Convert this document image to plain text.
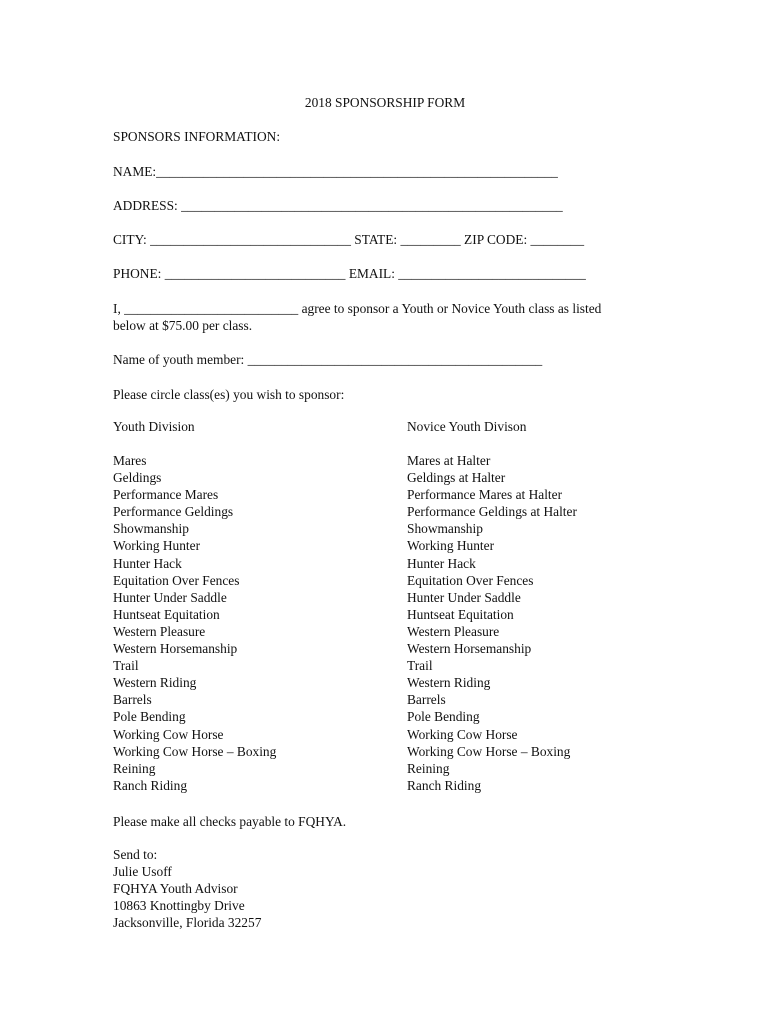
2018 SPONSORSHIP FORM
SPONSORS INFORMATION:
NAME:____________________________________________________________
ADDRESS: _________________________________________________________
CITY: ______________________________ STATE: _________ ZIP CODE: ________
PHONE: ___________________________ EMAIL: ____________________________
I, __________________________ agree to sponsor a Youth or Novice Youth class as listed
below at $75.00 per class.
Name of youth member: ____________________________________________
Please circle class(es) you wish to sponsor:
Youth Division	Novice Youth Divison
Mares
Geldings
Performance Mares
Performance Geldings
Showmanship
Working Hunter
Hunter Hack
Equitation Over Fences
Hunter Under Saddle
Huntseat Equitation
Western Pleasure
Western Horsemanship
Trail
Western Riding
Barrels
Pole Bending
Working Cow Horse
Working Cow Horse – Boxing
Reining
Ranch Riding
Mares at Halter
Geldings at Halter
Performance Mares at Halter
Performance Geldings at Halter
Showmanship
Working Hunter
Hunter Hack
Equitation Over Fences
Hunter Under Saddle
Huntseat Equitation
Western Pleasure
Western Horsemanship
Trail
Western Riding
Barrels
Pole Bending
Working Cow Horse
Working Cow Horse – Boxing
Reining
Ranch Riding
Please make all checks payable to FQHYA.
Send to:
Julie Usoff
FQHYA Youth Advisor
10863 Knottingby Drive
Jacksonville, Florida 32257
